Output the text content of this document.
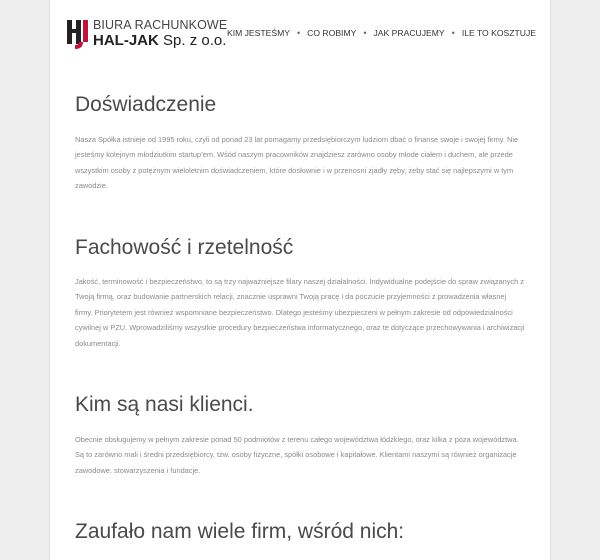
BIURA RACHUNKOWE
HAL-JAK Sp. z o.o. KIM JESTEŚMY • CO ROBIMY • JAK PRACUJEMY • ILE TO KOSZTUJE
Doświadczenie

Nasza Spółka istnieje od 1995 roku, czyli od ponad 23 lat pomagamy przedsiębiorczym ludziom dbać o finanse swoje i swojej firmy. Nie jesteśmy kolejnym młodziutkim startup’em. Wśód naszym pracowników znajdziesz zarówno osoby młode ciałem i duchem, ale przede wszystkim osoby z potężnym wieloletnim doświadczeniem, które dosłownie i w przenosni zjadły zęby, żeby stać się najlepszymi w tym zawodzie.

Fachowość i rzetelność

Jakość, terminowość i bezpieczeństwo, to są trzy najważniejsze filary naszej działalności. Indywidualne podejście do spraw związanych z Twoją firmą, oraz budowanie partnerskich relacji, znacznie usprawni Twoją pracę i da poczucie przyjemności z prowadzenia własnej firmy. Priorytetem jest również wspomniane bezpieczeństwo. Dlatego jesteśmy ubezpieczeni w pełnym zakresie od odpowiedzialności cywilnej w PZU. Wprowadziliśmy wszystkie procedury bezpieczeństwa informatycznego, oraz te dotyczące przechowywania i archiwizacji dokumentacji.

Kim są nasi klienci.

Obecnie obsługujemy w pełnym zakresie ponad 50 podmiotów z terenu całego województwa łódzkiego, oraz kilka z poza województwa. Są to zarówno mali i średni przedsiębiorcy, tzw. osoby fizyczne, spółki osobowe i kapitałowe. Klientami naszymi są również organizacje zawodowe, stowarzyszenia i fundacje.

Zaufało nam wiele firm, wśród nich:
